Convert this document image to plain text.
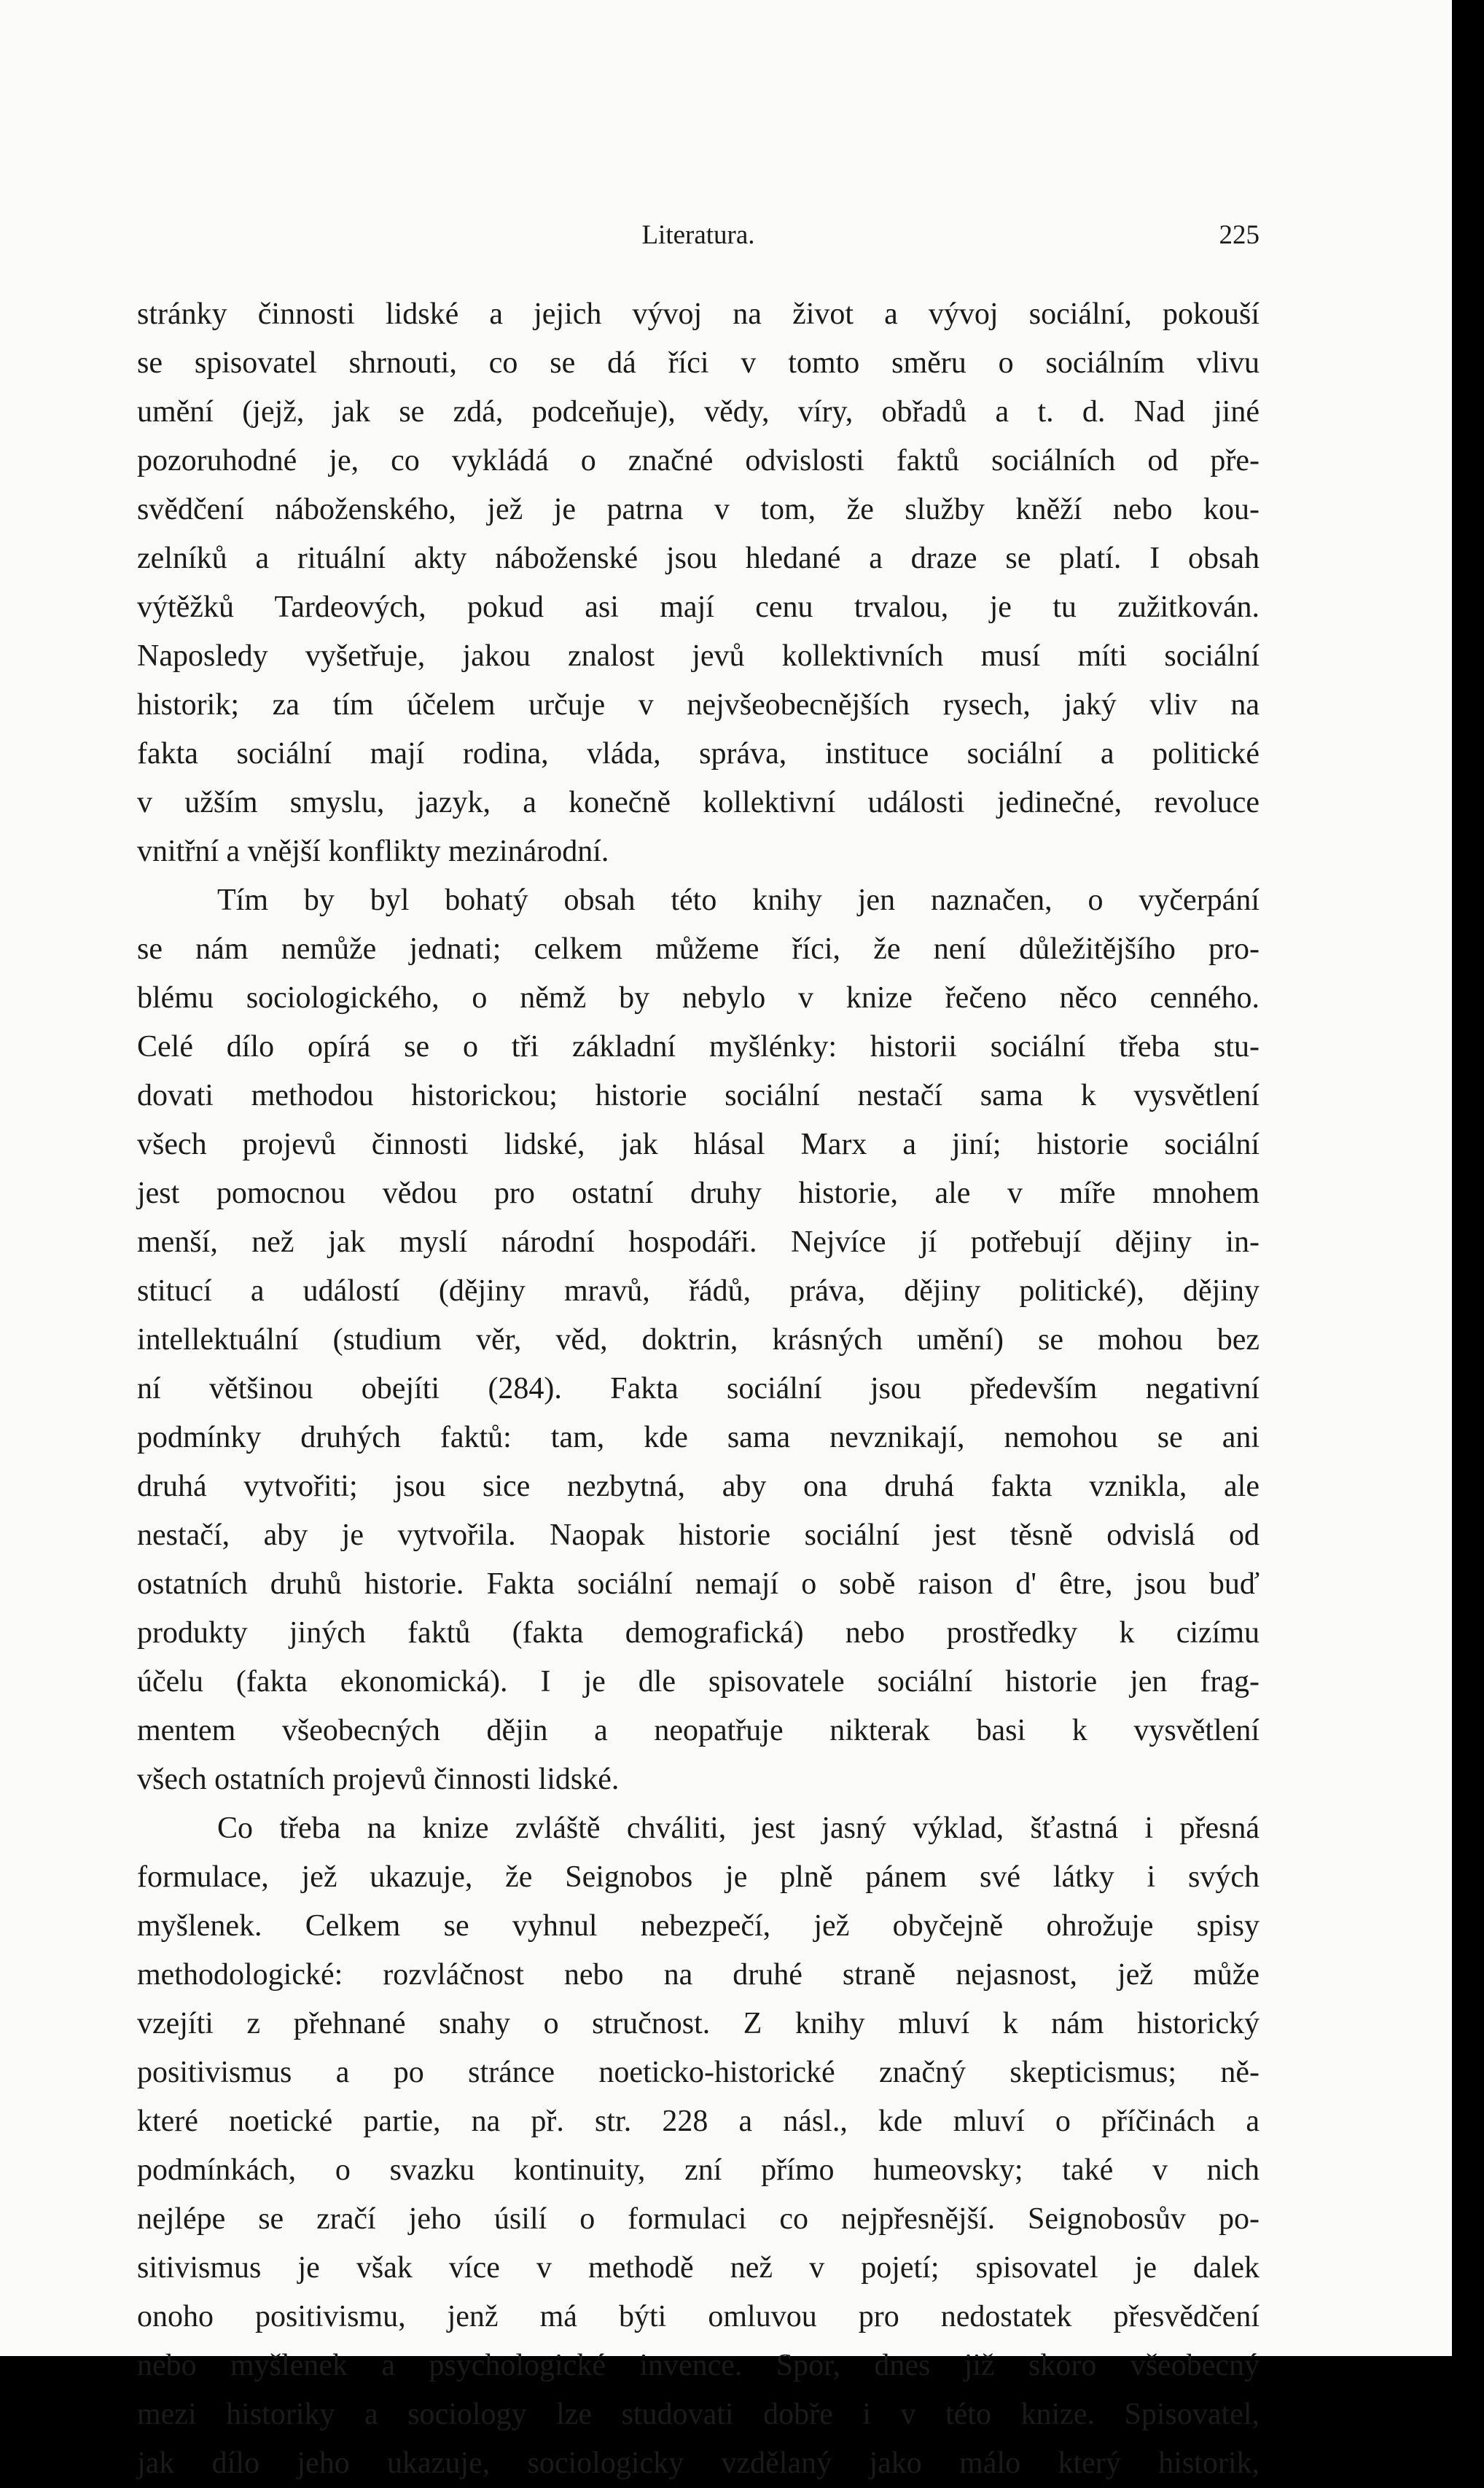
Literatura.	225
stránky činnosti lidské a jejich vývoj na život a vývoj sociální, pokouší
se spisovatel shrnouti, co se dá říci v tomto směru o sociálním vlivu
umění (jejž, jak se zdá, podceňuje), vědy, víry, obřadů a t. d. Nad jiné
pozoruhodné je, co vykládá o značné odvislosti faktů sociálních od pře-
svědčení náboženského, jež je patrna v tom, že služby kněží nebo kou-
zelníků a rituální akty náboženské jsou hledané a draze se platí. I obsah
výtěžků Tardeových, pokud asi mají cenu trvalou, je tu zužitkován.
Naposledy vyšetřuje, jakou znalost jevů kollektivních musí míti sociální
historik; za tím účelem určuje v nejvšeobecnějších rysech, jaký vliv na
fakta sociální mají rodina, vláda, správa, instituce sociální a politické
v užším smyslu, jazyk, a konečně kollektivní události jedinečné, revoluce
vnitřní a vnější konflikty mezinárodní.
Tím by byl bohatý obsah této knihy jen naznačen, o vyčerpání
se nám nemůže jednati; celkem můžeme říci, že není důležitějšího pro-
blému sociologického, o němž by nebylo v knize řečeno něco cenného.
Celé dílo opírá se o tři základní myšlénky: historii sociální třeba stu-
dovati methodou historickou; historie sociální nestačí sama k vysvětlení
všech projevů činnosti lidské, jak hlásal Marx a jiní; historie sociální
jest pomocnou vědou pro ostatní druhy historie, ale v míře mnohem
menší, než jak myslí národní hospodáři. Nejvíce jí potřebují dějiny in-
stitucí a událostí (dějiny mravů, řádů, práva, dějiny politické), dějiny
intellektuální (studium věr, věd, doktrin, krásných umění) se mohou bez
ní většinou obejíti (284). Fakta sociální jsou především negativní
podmínky druhých faktů: tam, kde sama nevznikají, nemohou se ani
druhá vytvořiti; jsou sice nezbytná, aby ona druhá fakta vznikla, ale
nestačí, aby je vytvořila. Naopak historie sociální jest těsně odvislá od
ostatních druhů historie. Fakta sociální nemají o sobě raison d' être, jsou buď
produkty jiných faktů (fakta demografická) nebo prostředky k cizímu
účelu (fakta ekonomická). I je dle spisovatele sociální historie jen frag-
mentem všeobecných dějin a neopatřuje nikterak basi k vysvětlení
všech ostatních projevů činnosti lidské.
Co třeba na knize zvláště chváliti, jest jasný výklad, šťastná i přesná
formulace, jež ukazuje, že Seignobos je plně pánem své látky i svých
myšlenek. Celkem se vyhnul nebezpečí, jež obyčejně ohrožuje spisy
methodologické: rozvláčnost nebo na druhé straně nejasnost, jež může
vzejíti z přehnané snahy o stručnost. Z knihy mluví k nám historický
positivismus a po stránce noeticko-historické značný skepticismus; ně-
které noetické partie, na př. str. 228 a násl., kde mluví o příčinách a
podmínkách, o svazku kontinuity, zní přímo humeovsky; také v nich
nejlépe se zračí jeho úsilí o formulaci co nejpřesnější. Seignobosův po-
sitivismus je však více v methodě než v pojetí; spisovatel je dalek
onoho positivismu, jenž má býti omluvou pro nedostatek přesvědčení
nebo myšlenek a psychologické invence. Spor, dnes již skoro všeobecný
mezi historiky a sociology lze studovati dobře i v této knize. Spisovatel,
jak dílo jeho ukazuje, sociologicky vzdělaný jako málo který historik,
